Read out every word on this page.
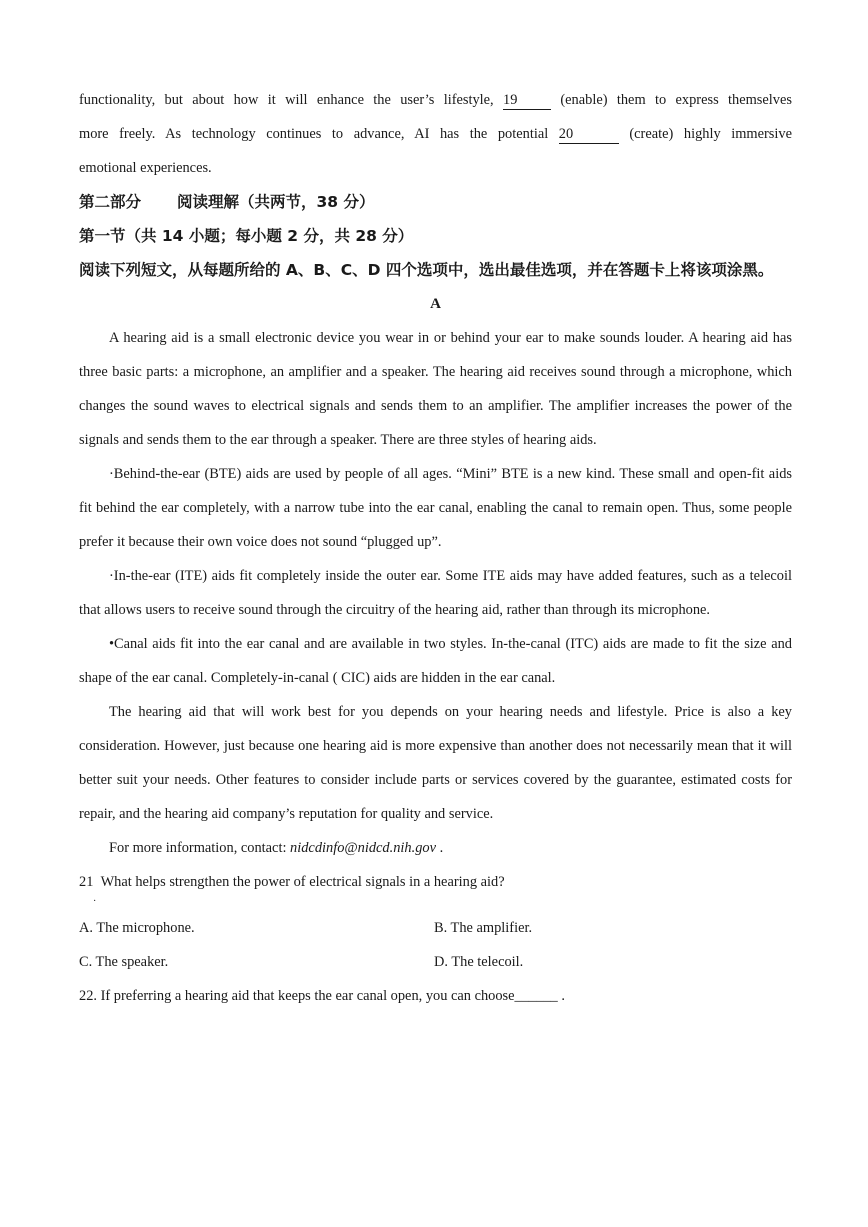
functionality, but about how it will enhance the user’s lifestyle, 19	(enable) them to express themselves
more freely. As technology continues to advance, AI has the potential 20	(create) highly immersive
emotional experiences.
第二部分 阅读理解（共两节，38 分）
第一节（共 14 小题；每小题 2 分，共 28 分）
阅读下列短文，从每题所给的 A、B、C、D 四个选项中，选出最佳选项，并在答题卡上将该项涂黑。
A
A hearing aid is a small electronic device you wear in or behind your ear to make sounds louder. A hearing aid has three basic parts: a microphone, an amplifier and a speaker. The hearing aid receives sound through a microphone, which changes the sound waves to electrical signals and sends them to an amplifier. The amplifier increases the power of the signals and sends them to the ear through a speaker. There are three styles of hearing aids.
·Behind-the-ear (BTE) aids are used by people of all ages. “Mini” BTE is a new kind. These small and open-fit aids fit behind the ear completely, with a narrow tube into the ear canal, enabling the canal to remain open. Thus, some people prefer it because their own voice does not sound “plugged up”.
·In-the-ear (ITE) aids fit completely inside the outer ear. Some ITE aids may have added features, such as a telecoil that allows users to receive sound through the circuitry of the hearing aid, rather than through its microphone.
•Canal aids fit into the ear canal and are available in two styles. In-the-canal (ITC) aids are made to fit the size and shape of the ear canal. Completely-in-canal ( CIC) aids are hidden in the ear canal.
The hearing aid that will work best for you depends on your hearing needs and lifestyle. Price is also a key consideration. However, just because one hearing aid is more expensive than another does not necessarily mean that it will better suit your needs. Other features to consider include parts or services covered by the guarantee, estimated costs for repair, and the hearing aid company’s reputation for quality and service.
For more information, contact: nidcdinfo@nidcd.nih.gov .
21 · What helps strengthen the power of electrical signals in a hearing aid?
A. The microphone.	B. The amplifier.
C. The speaker.	D. The telecoil.
22. If preferring a hearing aid that keeps the ear canal open, you can choose______ .
